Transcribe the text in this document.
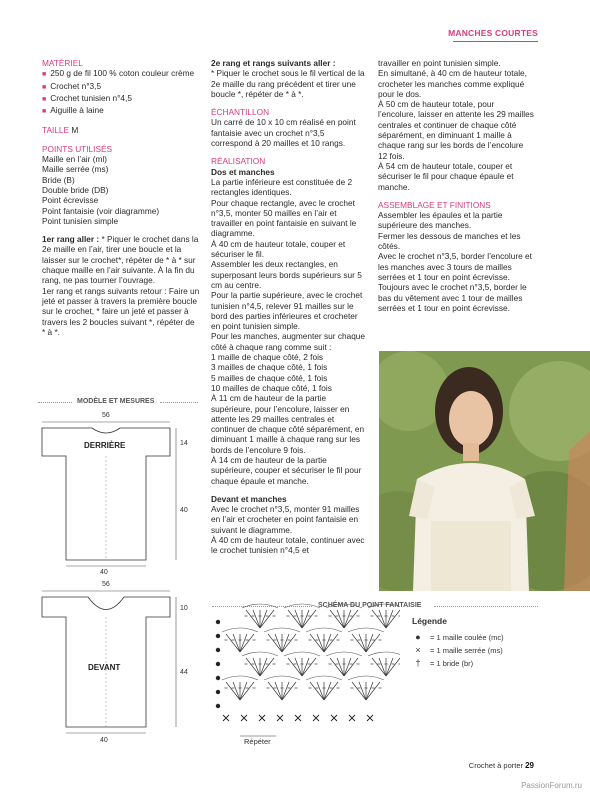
MANCHES COURTES
MATÉRIEL
■ 250 g de fil 100 % coton couleur crème
■ Crochet n°3,5
■ Crochet tunisien n°4,5
■ Aiguille à laine
TAILLE M
POINTS UTILISÉS
Maille en l’air (ml)
Maille serrée (ms)
Bride (B)
Double bride (DB)
Point écrevisse
Point fantaisie (voir diagramme)
Point tunisien simple

1er rang aller : * Piquer le crochet dans la 2e maille en l’air, tirer une boucle et la laisser sur le crochet*, répéter de * à * sur chaque maille en l’air suivante. À la fin du rang, ne pas tourner l’ouvrage.

1er rang et rangs suivants retour : Faire un jeté et passer à travers la première boucle sur le crochet, * faire un jeté et passer à travers les 2 boucles suivant *, répéter de * à *.

2e rang et rangs suivants aller :

* Piquer le crochet sous le fil vertical de la 2e maille du rang précédent et tirer une boucle *, répéter de * à *.

ÉCHANTILLON

Un carré de 10 x 10 cm réalisé en point fantaisie avec un crochet n°3,5 correspond à 20 mailles et 10 rangs.

RÉALISATION

Dos et manches

La partie inférieure est constituée de 2 rectangles identiques.

Pour chaque rectangle, avec le crochet n°3,5, monter 50 mailles en l’air et travailler en point fantaisie en suivant le diagramme.

À 40 cm de hauteur totale, couper et sécuriser le fil.

Assembler les deux rectangles, en superposant leurs bords supérieurs sur 5 cm au centre.

Pour la partie supérieure, avec le crochet tunisien n°4,5, relever 91 mailles sur le bord des parties inférieures et crocheter en point tunisien simple.

Pour les manches, augmenter sur chaque côté à chaque rang comme suit :

1 maille de chaque côté, 2 fois

3 mailles de chaque côté, 1 fois

5 mailles de chaque côté, 1 fois

10 mailles de chaque côté, 1 fois

À 11 cm de hauteur de la partie supérieure, pour l’encolure, laisser en attente les 29 mailles centrales et continuer de chaque côté séparément, en diminuant 1 maille à chaque rang sur les bords de l’encolure 9 fois.

À 14 cm de hauteur de la partie supérieure, couper et sécuriser le fil pour chaque épaule et manche.

Devant et manches

Avec le crochet n°3,5, monter 91 mailles en l’air et crocheter en point fantaisie en suivant le diagramme.

À 40 cm de hauteur totale, continuer avec le crochet tunisien n°4,5 et

travailler en point tunisien simple.

En simultané, à 40 cm de hauteur totale, crocheter les manches comme expliqué pour le dos.

À 50 cm de hauteur totale, pour l’encolure, laisser en attente les 29 mailles centrales et continuer de chaque côté séparément, en diminuant 1 maille à chaque rang sur les bords de l’encolure 12 fois.

À 54 cm de hauteur totale, couper et sécuriser le fil pour chaque épaule et manche.

ASSEMBLAGE ET FINITIONS

Assembler les épaules et la partie supérieure des manches.

Fermer les dessous de manches et les côtés.

Avec le crochet n°3,5, border l’encolure et les manches avec 3 tours de mailles serrées et 1 tour en point écrevisse.

Toujours avec le crochet n°3,5, border le bas du vêtement avec 1 tour de mailles serrées et 1 tour en point écrevisse.

MODÈLE ET MESURES
56
DERRIÈRE	14
40
40
56
DEVANT
10
44
40
SCHÉMA DU POINT FANTAISIE
Répéter
Légende
●	= 1 maille coulée (mc)
×	= 1 maille serrée (ms)
†	= 1 bride (br)
Crochet à porter 29
PassionForum.ru
